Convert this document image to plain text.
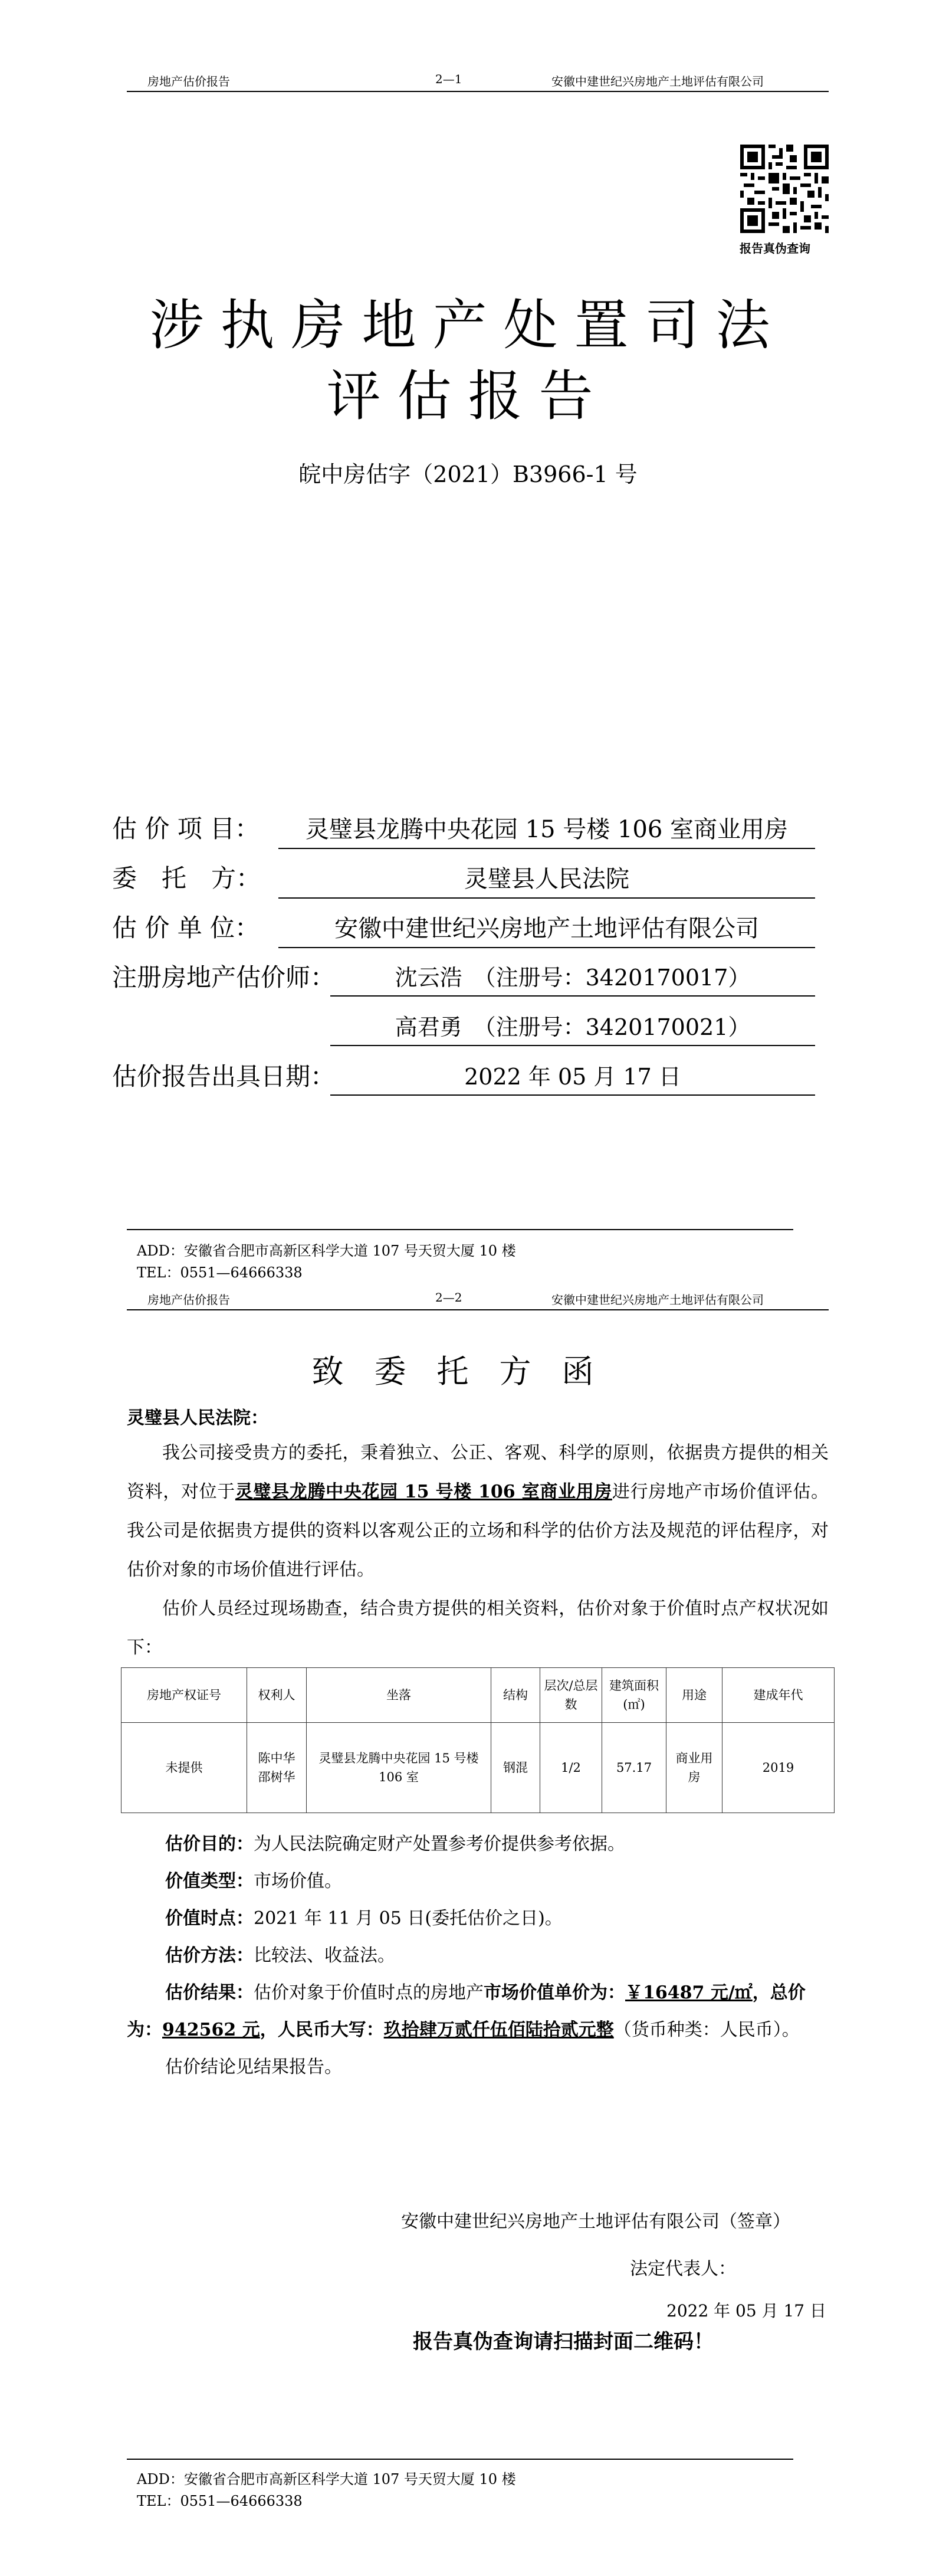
房地产估价报告	2—1	安徽中建世纪兴房地产土地评估有限公司
报告真伪查询
涉执房地产处置司法
评估报告
皖中房估字（2021）B3966-1 号
估 价 项 目：	灵璧县龙腾中央花园 15 号楼 106 室商业用房
委　托　方：	灵璧县人民法院
估 价 单 位：	安徽中建世纪兴房地产土地评估有限公司
注册房地产估价师：	沈云浩　（注册号：3420170017）
高君勇　（注册号：3420170021）
估价报告出具日期：	2022 年 05 月 17 日
ADD：安徽省合肥市高新区科学大道 107 号天贸大厦 10 楼
TEL：0551—64666338
房地产估价报告	2—2	安徽中建世纪兴房地产土地评估有限公司
致委托方函
灵璧县人民法院：

我公司接受贵方的委托，秉着独立、公正、客观、科学的原则，依据贵方提供的相关资料，对位于灵璧县龙腾中央花园 15 号楼 106 室商业用房进行房地产市场价值评估。我公司是依据贵方提供的资料以客观公正的立场和科学的估价方法及规范的评估程序，对估价对象的市场价值进行评估。

估价人员经过现场勘查，结合贵方提供的相关资料，估价对象于价值时点产权状况如下：

房地产权证号	权利人	坐落	结构	层次/总层数	建筑面积(㎡)	用途	建成年代
未提供	陈中华 邵树华	灵璧县龙腾中央花园 15 号楼 106 室	钢混	1/2	57.17	商业用房	2019
估价目的：为人民法院确定财产处置参考价提供参考依据。
价值类型：市场价值。
价值时点：2021 年 11 月 05 日(委托估价之日)。
估价方法：比较法、收益法。
估价结果：估价对象于价值时点的房地产市场价值单价为：￥16487 元/㎡，总价
为：942562 元，人民币大写：玖拾肆万贰仟伍佰陆拾贰元整（货币种类：人民币）。
估价结论见结果报告。
安徽中建世纪兴房地产土地评估有限公司（签章）
法定代表人：
2022 年 05 月 17 日
报告真伪查询请扫描封面二维码！
ADD：安徽省合肥市高新区科学大道 107 号天贸大厦 10 楼
TEL：0551—64666338
